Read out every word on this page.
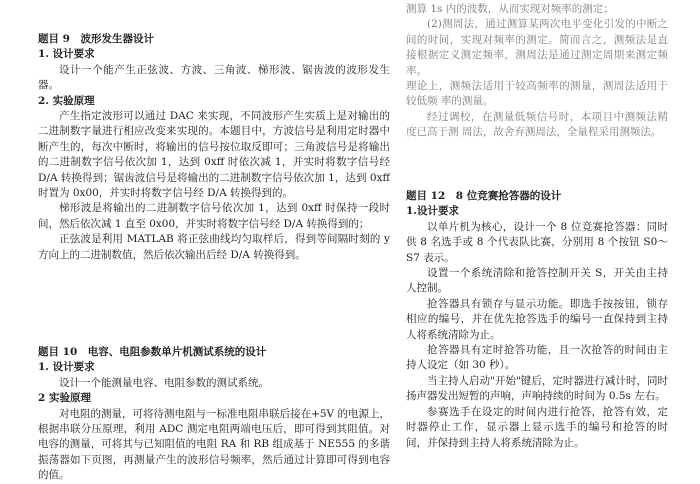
题目 9　波形发生器设计

1. 设计要求

设计一个能产生正弦波、方波、三角波、梯形波、锯齿波的波形发生器。

2. 实验原理

产生指定波形可以通过 DAC 来实现，不同波形产生实质上是对输出的二进制数字量进行相应改变来实现的。本题目中，方波信号是利用定时器中断产生的，每次中断时，将输出的信号按位取反即可；三角波信号是将输出的二进制数字信号依次加 1，达到 0xff 时依次减 1，并实时将数字信号经 D/A 转换得到；锯齿波信号是将输出的二进制数字信号依次加 1，达到 0xff 时置为 0x00，并实时将数字信号经 D/A 转换得到的。

梯形波是将输出的二进制数字信号依次加 1，达到 0xff 时保持一段时间，然后依次减 1 直至 0x00，并实时将数字信号经 D/A 转换得到的；

正弦波是利用 MATLAB 将正弦曲线均匀取样后，得到等间隔时刻的 y 方向上的二进制数值，然后依次输出后经 D/A 转换得到。

题目 10　电容、电阻参数单片机测试系统的设计

1. 设计要求

设计一个能测量电容、电阻参数的测试系统。

2 实验原理

对电阻的测量，可将待测电阻与一标准电阻串联后接在+5V 的电源上，根据串联分压原理，利用 ADC 测定电阻两端电压后，即可得到其阻值。对电容的测量，可将其与已知阻值的电阻 RA 和 RB 组成基于 NE555 的多谐振荡器如下页图，再测量产生的波形信号频率，然后通过计算即可得到电容的值。

测算 1s 内的波数，从而实现对频率的测定；

(2)测周法，通过测算某两次电平变化引发的中断之间的时间，实现对频率的测定。简而言之，测频法是直接根据定义测定频率，测周法是通过测定周期来测定频率。

理论上，测频法适用于较高频率的测量，测周法适用于较低频 率的测量。

经过调校，在测量低频信号时，本项目中测频法精度已高于测 周法，故舍弃测周法，全量程采用测频法。

题目 12　8 位竞赛抢答器的设计

1.设计要求

以单片机为核心，设计一个 8 位竞赛抢答器：同时供 8 名选手或 8 个代表队比赛，分别用 8 个按钮 S0～S7 表示。

设置一个系统清除和抢答控制开关 S，开关由主持人控制。

抢答器具有锁存与显示功能。即选手按按钮，锁存相应的编号，并在优先抢答选手的编号一直保持到主持人将系统清除为止。

抢答器具有定时抢答功能，且一次抢答的时间由主持人设定（如 30 秒）。

当主持人启动"开始"键后，定时器进行减计时，同时扬声器发出短暂的声响，声响持续的时间为 0.5s 左右。

参赛选手在设定的时间内进行抢答，抢答有效，定时器停止工作，显示器上显示选手的编号和抢答的时间，并保持到主持人将系统清除为止。
